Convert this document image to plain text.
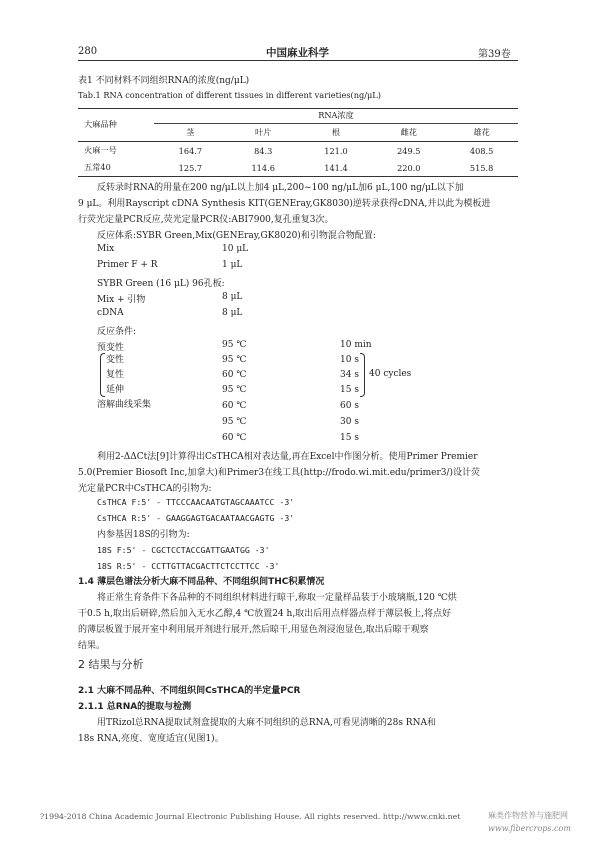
280	中国麻业科学	第39卷
表1 不同材料不同组织RNA的浓度(ng/μL)
Tab.1 RNA concentration of different tissues in different varieties(ng/μL)
大麻品种	RNA浓度				
	茎	叶片	根	雌花	雄花
火麻一号	164.7	84.3	121.0	249.5	408.5
五常40	125.7	114.6	141.4	220.0	515.8
反转录时RNA的用量在200 ng/μL以上加4 μL,200~100 ng/μL加6 μL,100 ng/μL以下加
9 μL。利用Rayscript cDNA Synthesis KIT(GENEray,GK8030)逆转录获得cDNA,并以此为模板进
行荧光定量PCR反应,荧光定量PCR仪:ABI7900,复孔重复3次。
反应体系:SYBR Green,Mix(GENEray,GK8020)和引物混合物配置:
Mix	10 μL
Primer F + R	1 μL
SYBR Green (16 μL) 96孔板:
Mix + 引物	8 μL
cDNA	8 μL
反应条件:
预变性	95 ℃	10 min
变性	95 ℃	10 s
复性	60 ℃	34 s
延伸	95 ℃	15 s
40 cycles
溶解曲线采集	60 ℃	60 s
95 ℃	30 s
60 ℃	15 s
利用2-ΔΔCt法[9]计算得出CsTHCA相对表达量,再在Excel中作图分析。使用Primer Premier
5.0(Premier Biosoft Inc,加拿大)和Primer3在线工具(http://frodo.wi.mit.edu/primer3/)设计荧
光定量PCR中CsTHCA的引物为:
CsTHCA F:5' - TTCCCAACAATGTAGCAAATCC -3'
CsTHCA R:5' - GAAGGAGTGACAATAACGAGTG -3'
内参基因18S的引物为:
18S F:5' - CGCTCCTACCGATTGAATGG -3'
18S R:5' - CCTTGTTACGACTTCTCCTTCC -3'
1.4 薄层色谱法分析大麻不同品种、不同组织间THC积累情况
将正常生育条件下各品种的不同组织材料进行晾干,称取一定量样品装于小玻璃瓶,120 ℃烘
干0.5 h,取出后研碎,然后加入无水乙醇,4 ℃放置24 h,取出后用点样器点样于薄层板上,将点好
的薄层板置于展开室中利用展开剂进行展开,然后晾干,用显色剂浸泡显色,取出后晾干观察
结果。
2 结果与分析
2.1 大麻不同品种、不同组织间CsTHCA的半定量PCR
2.1.1 总RNA的提取与检测
用TRizol总RNA提取试剂盒提取的大麻不同组织的总RNA,可看见清晰的28s RNA和
18s RNA,亮度、宽度适宜(见图1)。
?1994-2018 China Academic Journal Electronic Publishing House. All rights reserved. http://www.cnki.net	麻类作物营养与施肥网
www.fibercrops.com
